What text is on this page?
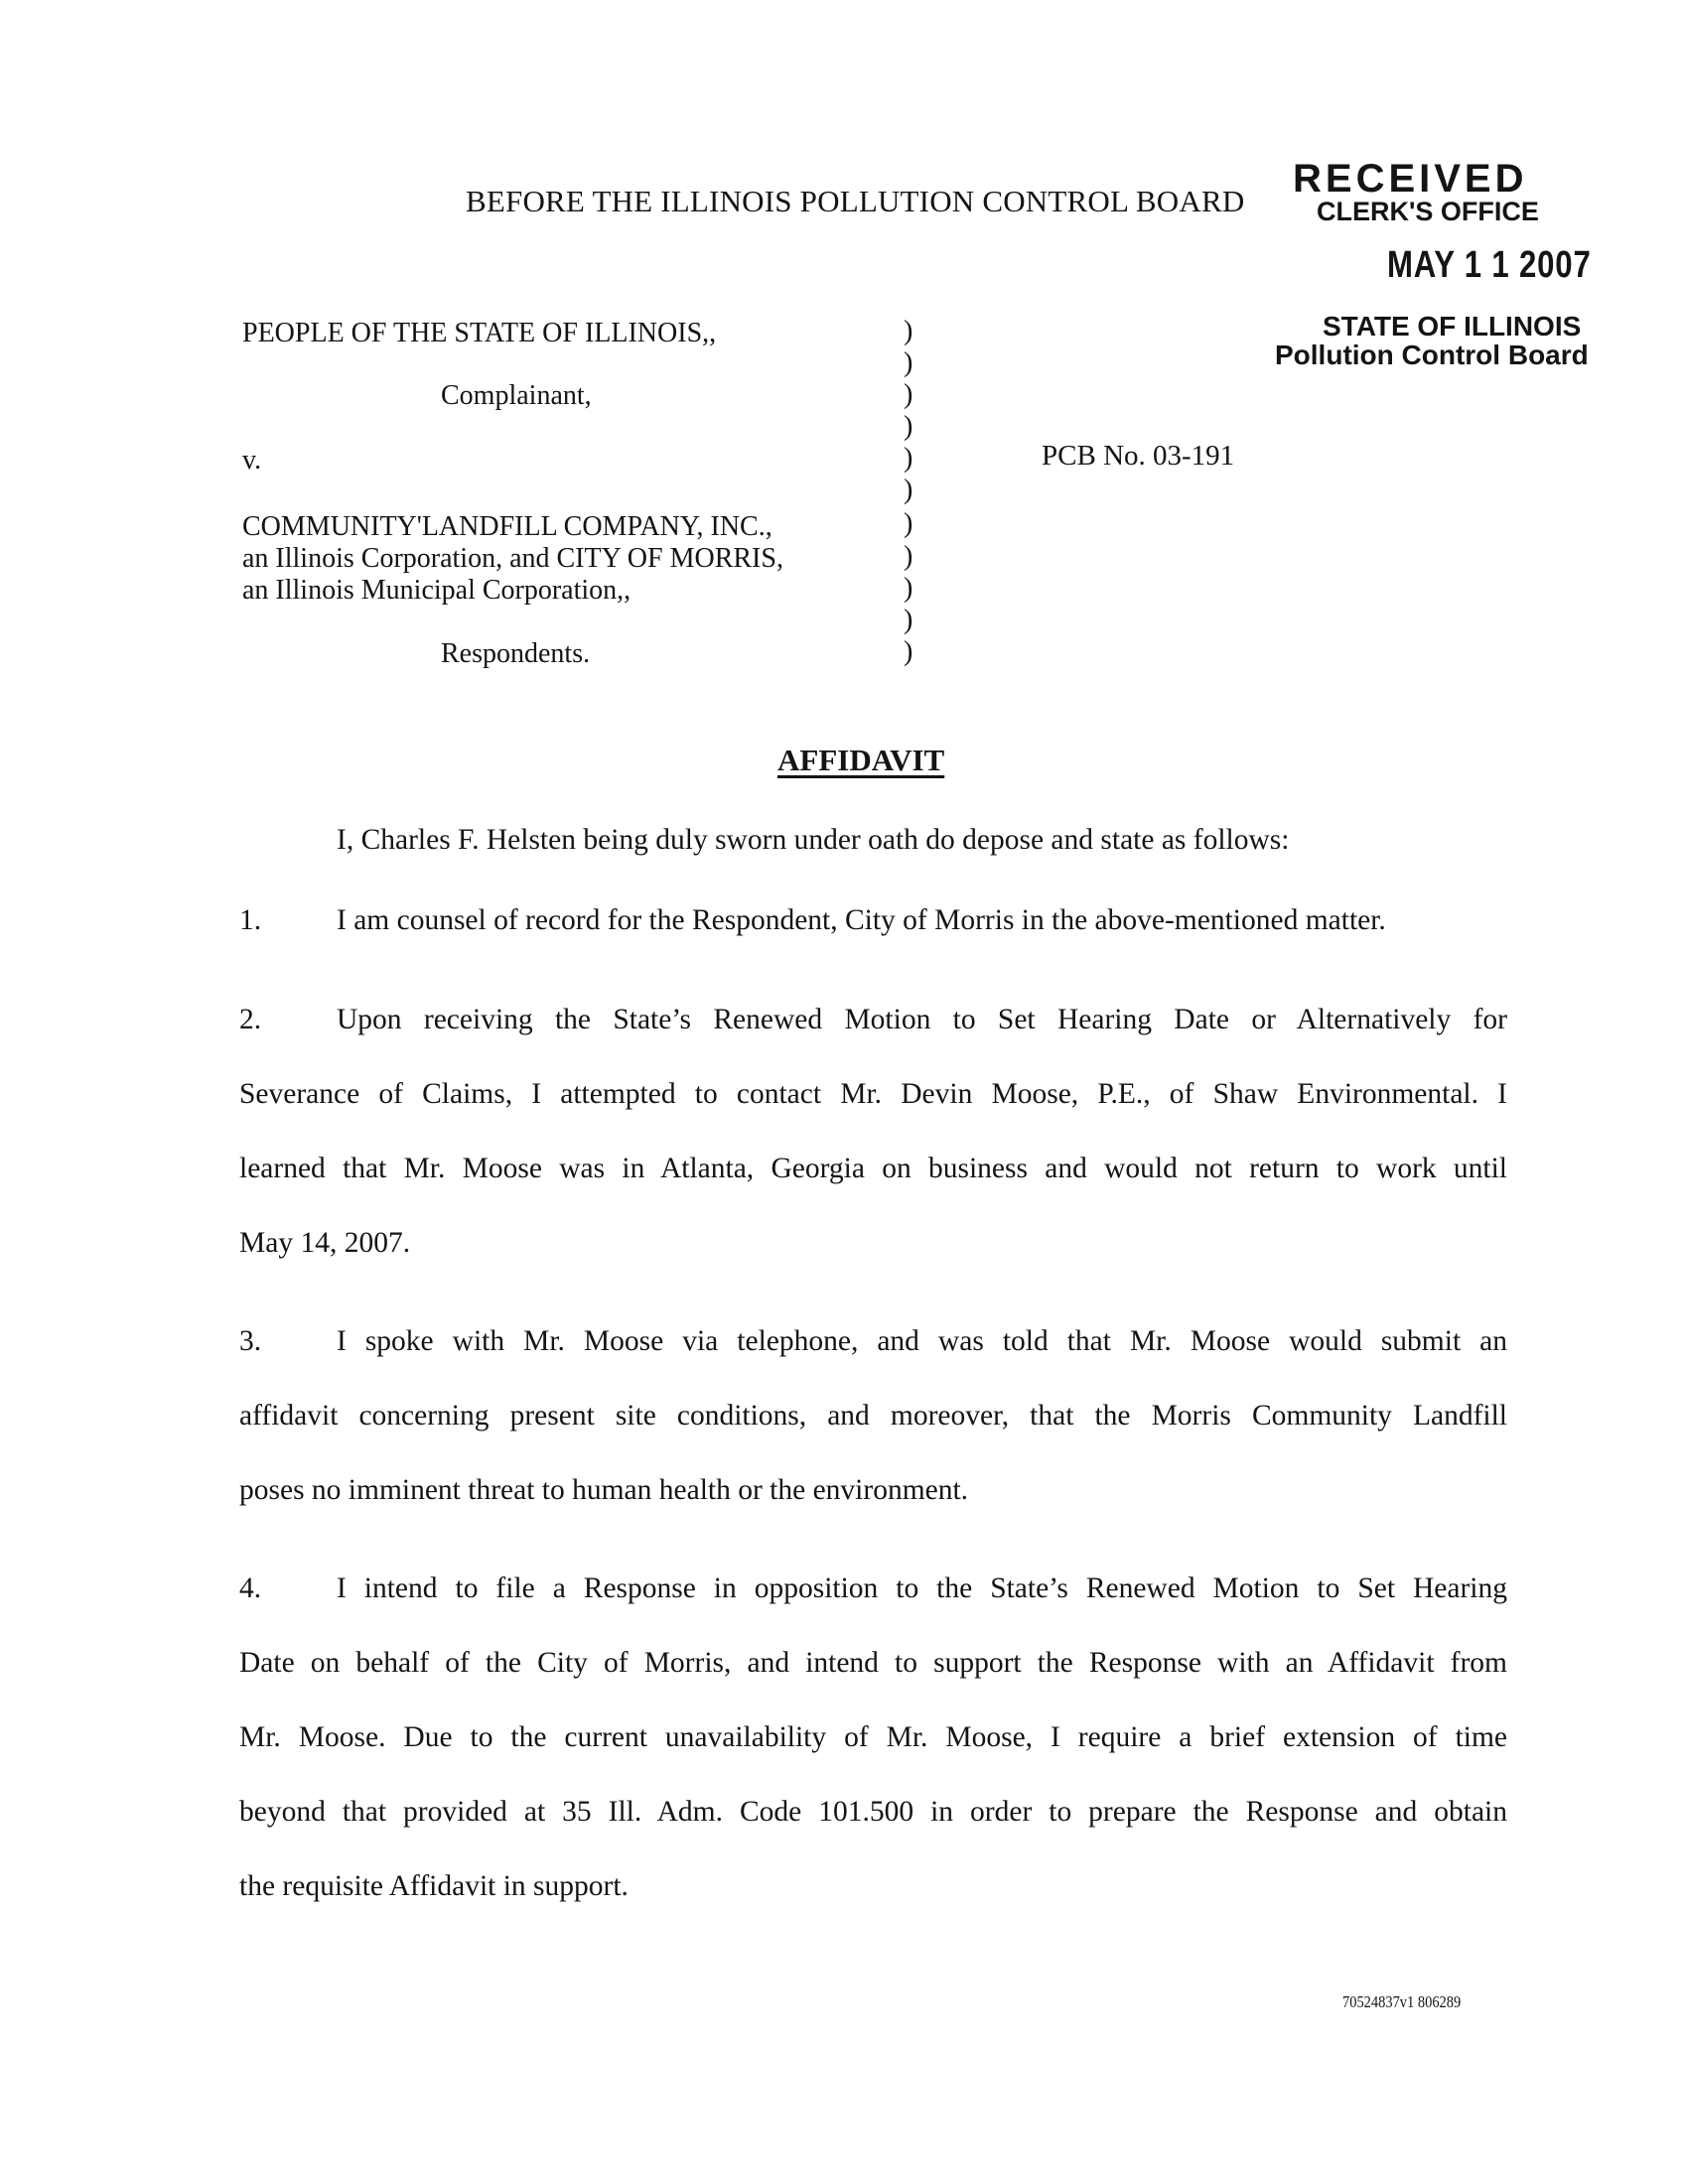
BEFORE THE ILLINOIS POLLUTION CONTROL BOARD
RECEIVED
CLERK'S OFFICE
MAY 1 1 2007
STATE OF ILLINOIS
Pollution Control Board
PEOPLE OF THE STATE OF ILLINOIS,,
Complainant,
v.
COMMUNITY'LANDFILL COMPANY, INC.,
an Illinois Corporation, and CITY OF MORRIS,
an Illinois Municipal Corporation,,
Respondents.
)
)
)
)
)
)
)
)
)
)
)
PCB No. 03-191
AFFIDAVIT
I, Charles F. Helsten being duly sworn under oath do depose and state as follows:
1.	I am counsel of record for the Respondent, City of Morris in the above-mentioned matter.
2.	Upon receiving the State’s Renewed Motion to Set Hearing Date or Alternatively for
Severance of Claims, I attempted to contact Mr. Devin Moose, P.E., of Shaw Environmental. I
learned that Mr. Moose was in Atlanta, Georgia on business and would not return to work until
May 14, 2007.
3.	I spoke with Mr. Moose via telephone, and was told that Mr. Moose would submit an
affidavit concerning present site conditions, and moreover, that the Morris Community Landfill
poses no imminent threat to human health or the environment.
4.	I intend to file a Response in opposition to the State’s Renewed Motion to Set Hearing
Date on behalf of the City of Morris, and intend to support the Response with an Affidavit from
Mr. Moose. Due to the current unavailability of Mr. Moose, I require a brief extension of time
beyond that provided at 35 Ill. Adm. Code 101.500 in order to prepare the Response and obtain
the requisite Affidavit in support.
70524837v1 806289
